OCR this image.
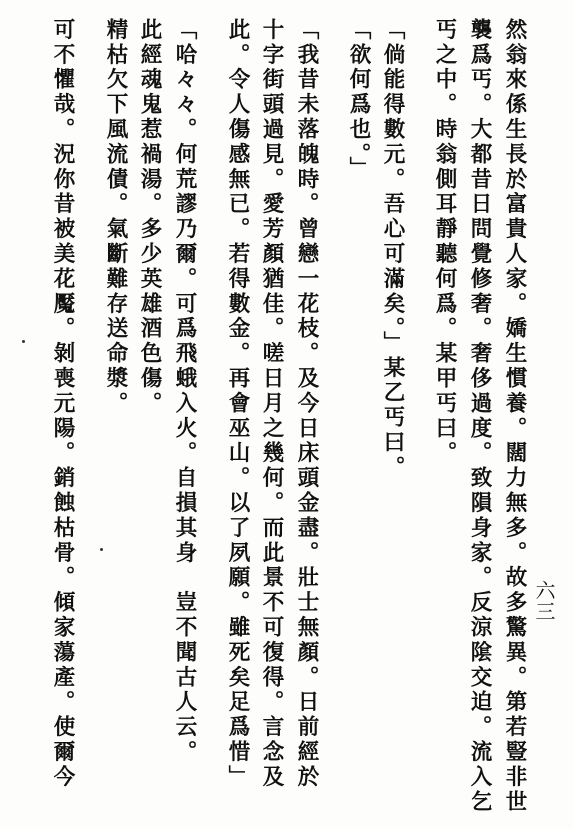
然翁來係生長於富貴人家。嬌生慣養。闊力無多。故多驚異。第若豎非世
襲爲丐。大都昔日問覺修奢。奢侈過度。致隕身家。反涼隂交迫。流入乞
丐之中。時翁側耳靜聽何爲。某甲丐曰。
「倘能得數元。吾心可滿矣。」某乙丐曰。
「欲何爲也。」
「我昔未落魄時。曾戀一花枝。及今日床頭金盡。壯士無顏。日前經於
十字街頭過見。愛芳顏猶佳。嗟日月之幾何。而此景不可復得。言念及
此。令人傷感無已。若得數金。再會巫山。以了夙願。雖死矣足爲惜」
「哈々々。何荒謬乃爾。可爲飛蛾入火。自損其身　豈不聞古人云。
此經魂鬼惹禍湯。多少英雄酒色傷。
精枯欠下風流債。氣斷難存送命漿。
可不懼哉。況你昔被美花魘。剝喪元陽。銷蝕枯骨。傾家蕩產。使爾今	六三
